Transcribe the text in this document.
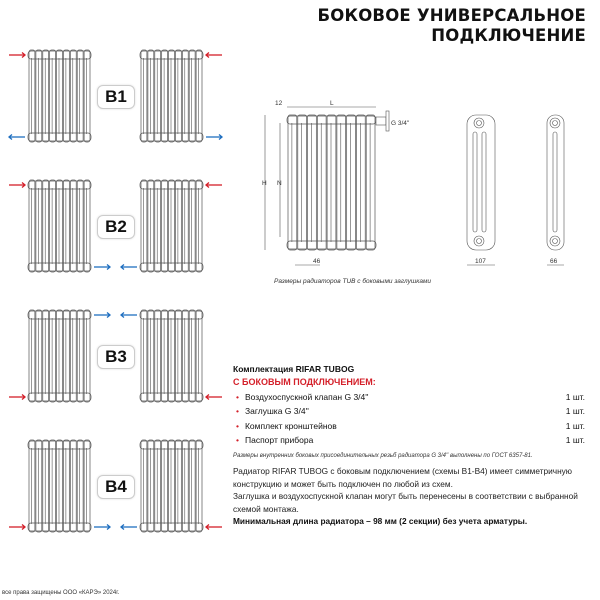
БОКОВОЕ УНИВЕРСАЛЬНОЕ
ПОДКЛЮЧЕНИЕ
B1
B2
B3
B4
12	L
G 3/4''
H N
46	107	66
Размеры радиаторов TUB с боковыми заглушками
Комплектация RIFAR TUBOG
С БОКОВЫМ ПОДКЛЮЧЕНИЕМ:
• Воздухоспускной клапан G 3/4''	1 шт.
• Заглушка G 3/4''	1 шт.
• Комплект кронштейнов	1 шт.
• Паспорт прибора	1 шт.
Размеры внутренних боковых присоединительных резьб радиатора G 3/4'' выполнены по ГОСТ 6357-81.

Радиатор RIFAR TUBOG с боковым подключением (схемы B1-B4) имеет симметричную конструкцию и может быть подключен по любой из схем.

Заглушка и воздухоспускной клапан могут быть перенесены в соответствии с выбранной схемой монтажа.

Минимальная длина радиатора – 98 мм (2 секции) без учета арматуры.

все права защищены ООО «КАРЭ» 2024г.
